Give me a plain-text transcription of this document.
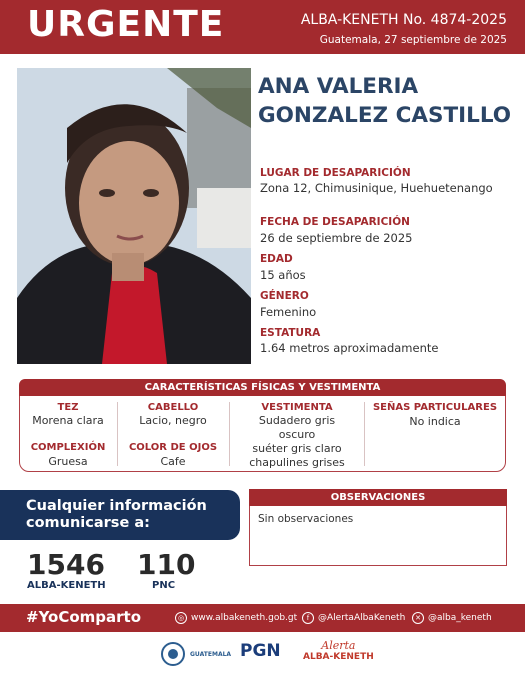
URGENTE	ALBA-KENETH No. 4874-2025
Guatemala, 27 septiembre de 2025
ANA VALERIA
GONZALEZ CASTILLO
LUGAR DE DESAPARICIÓN
Zona 12, Chimusinique, Huehuetenango
FECHA DE DESAPARICIÓN
26 de septiembre de 2025
EDAD
15 años
GÉNERO
Femenino
ESTATURA
1.64 metros aproximadamente
CARACTERÍSTICAS FÍSICAS Y VESTIMENTA
TEZ
Morena clara
COMPLEXIÓN
Gruesa
CABELLO
Lacio, negro
COLOR DE OJOS
Cafe
VESTIMENTA
Sudadero gris
oscuro
suéter gris claro
chapulines grises
SEÑAS PARTICULARES
No indica
Cualquier información
comunicarse a:
1546
ALBA-KENETH
110
PNC
OBSERVACIONES
Sin observaciones
#YoComparto	◎ www.albakeneth.gob.gt	f @AlertaAlbaKeneth	✕ @alba_keneth
GUATEMALA PGN	Alerta
ALBA-KENETH
